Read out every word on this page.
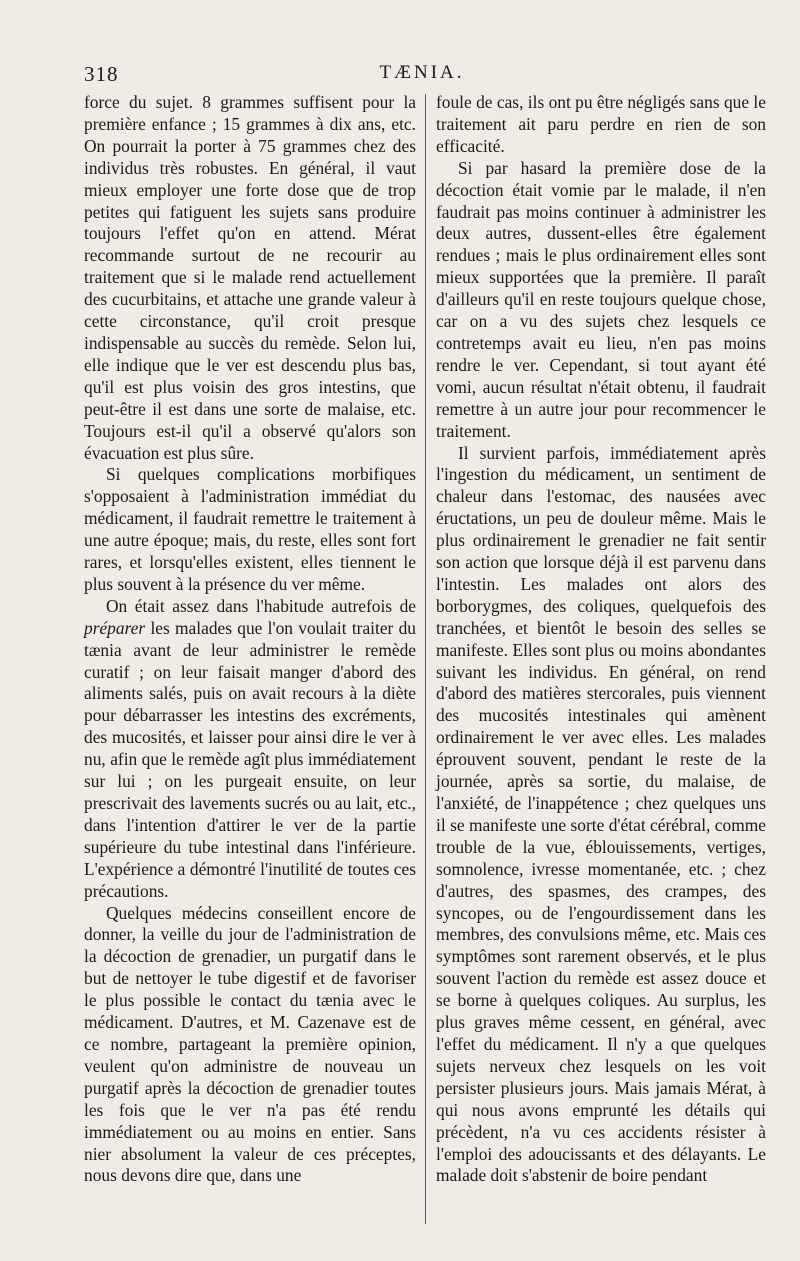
318	TÆNIA.

force du sujet. 8 grammes suffisent pour la première enfance ; 15 grammes à dix ans, etc. On pourrait la porter à 75 grammes chez des individus très robustes. En général, il vaut mieux employer une forte dose que de trop petites qui fatiguent les sujets sans produire toujours l'effet qu'on en attend. Mérat recommande surtout de ne recourir au traitement que si le malade rend actuellement des cucurbitains, et attache une grande valeur à cette circonstance, qu'il croit presque indispensable au succès du remède. Selon lui, elle indique que le ver est descendu plus bas, qu'il est plus voisin des gros intestins, que peut-être il est dans une sorte de malaise, etc. Toujours est-il qu'il a observé qu'alors son évacuation est plus sûre.

Si quelques complications morbifiques s'opposaient à l'administration immédiat du médicament, il faudrait remettre le traitement à une autre époque; mais, du reste, elles sont fort rares, et lorsqu'elles existent, elles tiennent le plus souvent à la présence du ver même.

On était assez dans l'habitude autrefois de préparer les malades que l'on voulait traiter du tænia avant de leur administrer le remède curatif ; on leur faisait manger d'abord des aliments salés, puis on avait recours à la diète pour débarrasser les intestins des excréments, des mucosités, et laisser pour ainsi dire le ver à nu, afin que le remède agît plus immédiatement sur lui ; on les purgeait ensuite, on leur prescrivait des lavements sucrés ou au lait, etc., dans l'intention d'attirer le ver de la partie supérieure du tube intestinal dans l'inférieure. L'expérience a démontré l'inutilité de toutes ces précautions.

Quelques médecins conseillent encore de donner, la veille du jour de l'administration de la décoction de grenadier, un purgatif dans le but de nettoyer le tube digestif et de favoriser le plus possible le contact du tænia avec le médicament. D'autres, et M. Cazenave est de ce nombre, partageant la première opinion, veulent qu'on administre de nouveau un purgatif après la décoction de grenadier toutes les fois que le ver n'a pas été rendu immédiatement ou au moins en entier. Sans nier absolument la valeur de ces préceptes, nous devons dire que, dans une

foule de cas, ils ont pu être négligés sans que le traitement ait paru perdre en rien de son efficacité.

Si par hasard la première dose de la décoction était vomie par le malade, il n'en faudrait pas moins continuer à administrer les deux autres, dussent-elles être également rendues ; mais le plus ordinairement elles sont mieux supportées que la première. Il paraît d'ailleurs qu'il en reste toujours quelque chose, car on a vu des sujets chez lesquels ce contretemps avait eu lieu, n'en pas moins rendre le ver. Cependant, si tout ayant été vomi, aucun résultat n'était obtenu, il faudrait remettre à un autre jour pour recommencer le traitement.

Il survient parfois, immédiatement après l'ingestion du médicament, un sentiment de chaleur dans l'estomac, des nausées avec éructations, un peu de douleur même. Mais le plus ordinairement le grenadier ne fait sentir son action que lorsque déjà il est parvenu dans l'intestin. Les malades ont alors des borborygmes, des coliques, quelquefois des tranchées, et bientôt le besoin des selles se manifeste. Elles sont plus ou moins abondantes suivant les individus. En général, on rend d'abord des matières stercorales, puis viennent des mucosités intestinales qui amènent ordinairement le ver avec elles. Les malades éprouvent souvent, pendant le reste de la journée, après sa sortie, du malaise, de l'anxiété, de l'inappétence ; chez quelques uns il se manifeste une sorte d'état cérébral, comme trouble de la vue, éblouissements, vertiges, somnolence, ivresse momentanée, etc. ; chez d'autres, des spasmes, des crampes, des syncopes, ou de l'engourdissement dans les membres, des convulsions même, etc. Mais ces symptômes sont rarement observés, et le plus souvent l'action du remède est assez douce et se borne à quelques coliques. Au surplus, les plus graves même cessent, en général, avec l'effet du médicament. Il n'y a que quelques sujets nerveux chez lesquels on les voit persister plusieurs jours. Mais jamais Mérat, à qui nous avons emprunté les détails qui précèdent, n'a vu ces accidents résister à l'emploi des adoucissants et des délayants. Le malade doit s'abstenir de boire pendant
